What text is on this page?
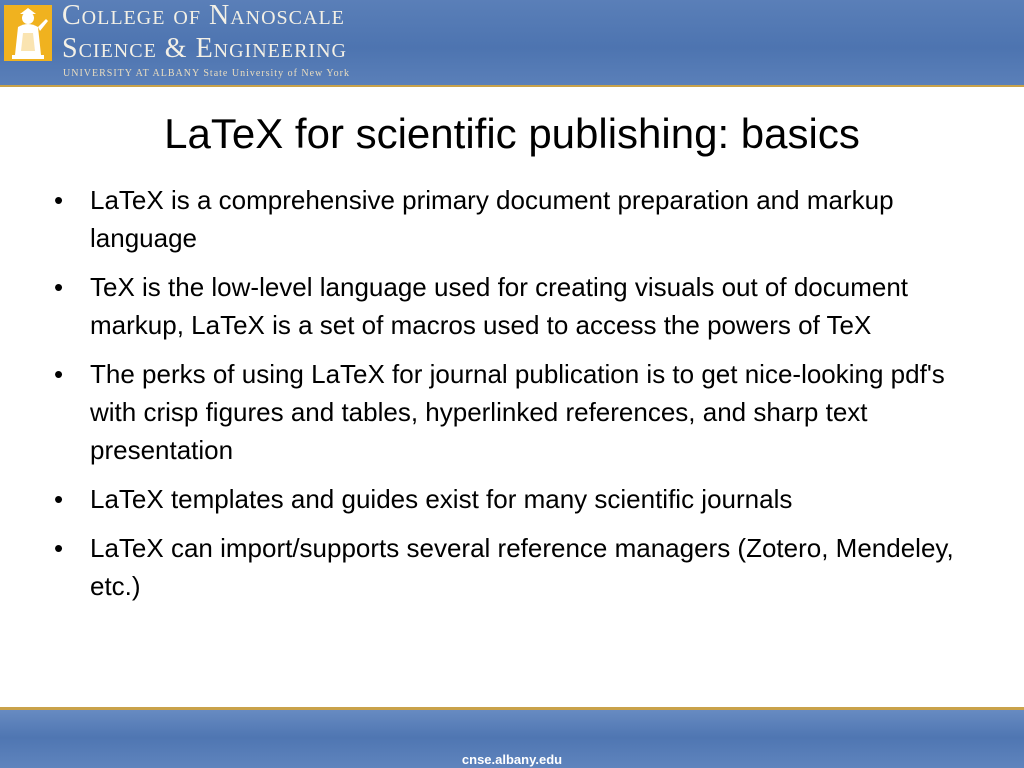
College of Nanoscale
Science & Engineering
UNIVERSITY AT ALBANY State University of New York
LaTeX for scientific publishing: basics
• LaTeX is a comprehensive primary document preparation and markup language
• TeX is the low-level language used for creating visuals out of document markup, LaTeX is a set of macros used to access the powers of TeX
• The perks of using LaTeX for journal publication is to get nice-looking pdf's with crisp figures and tables, hyperlinked references, and sharp text presentation
• LaTeX templates and guides exist for many scientific journals
• LaTeX can import/supports several reference managers (Zotero, Mendeley, etc.)
cnse.albany.edu
